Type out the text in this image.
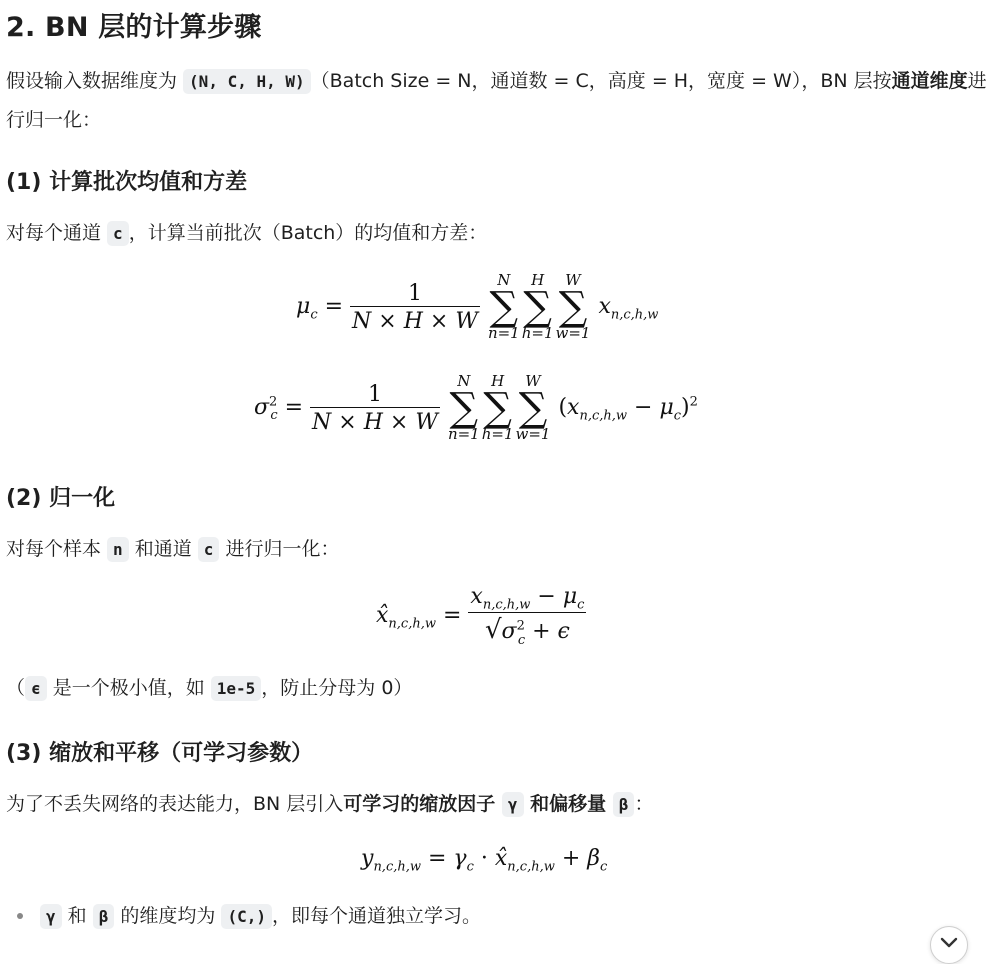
2. BN 层的计算步骤

假设输入数据维度为 (N, C, H, W) （Batch Size = N，通道数 = C，高度 = H，宽度 = W），BN 层按通道维度进行归一化：

(1) 计算批次均值和方差

对每个通道 c ，计算当前批次（Batch）的均值和方差：

$\mu_c = \frac{1}{N \times H \times W}$

N
∑
n=1
H
∑
h=1
W
∑
w=1
$x_{n,c,h,w}$
$\sigma^2_c = \frac{1}{N \times H \times W}$

N
∑
n=1
H
∑
h=1
W
∑
w=1
$(x_{n,c,h,w} - \mu_c)^2$
(2) 归一化

对每个样本 n 和通道 c 进行归一化：

$x̂_{n,c,h,w} = \frac{x_{n,c,h,w} - \mu_c}{√\sigma^2_c + \epsilon}$

（ ϵ 是一个极小值，如 1e-5 ，防止分母为 0）

(3) 缩放和平移（可学习参数）

为了不丢失网络的表达能力，BN 层引入可学习的缩放因子 γ 和偏移量 β ：

$y_{n,c,h,w} = \gamma_c$ · $x̂_{n,c,h,w} + \beta_c$

γ 和 β 的维度均为 (C,) ，即每个通道独立学习。
